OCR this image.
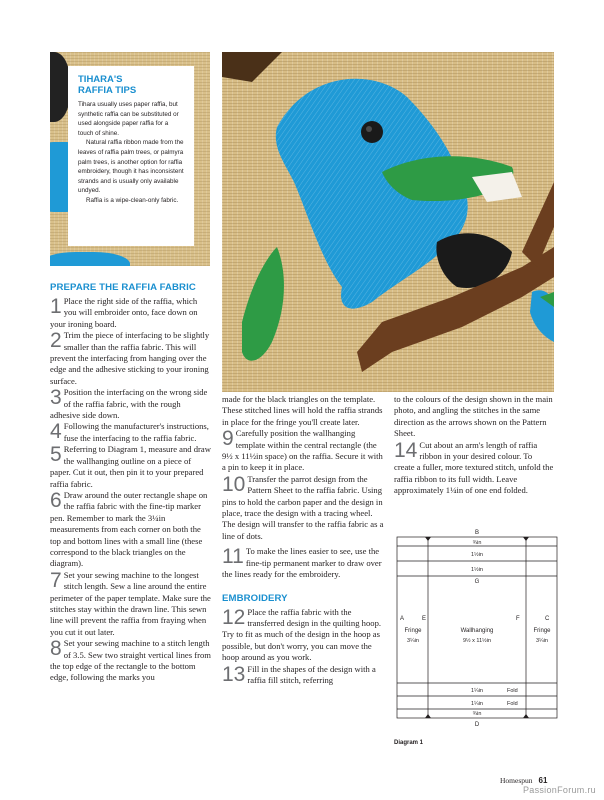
TIHARA'S RAFFIA TIPS

Tihara usually uses paper raffia, but synthetic raffia can be substituted or used alongside paper raffia for a touch of shine.

Natural raffia ribbon made from the leaves of raffia palm trees, or palmyra palm trees, is another option for raffia embroidery, though it has inconsistent strands and is usually only available undyed.

Raffia is a wipe-clean-only fabric.

PREPARE THE RAFFIA FABRIC
1 Place the right side of the raffia, which you will embroider onto, face down on your ironing board.
2 Trim the piece of interfacing to be slightly smaller than the raffia fabric. This will prevent the interfacing from hanging over the edge and the adhesive sticking to your ironing surface.
3 Position the interfacing on the wrong side of the raffia fabric, with the rough adhesive side down.
4 Following the manufacturer's instructions, fuse the interfacing to the raffia fabric.
5 Referring to Diagram 1, measure and draw the wallhanging outline on a piece of paper. Cut it out, then pin it to your prepared raffia fabric.
6 Draw around the outer rectangle shape on the raffia fabric with the fine-tip marker pen. Remember to mark the 3¼in measurements from each corner on both the top and bottom lines with a small line (these correspond to the black triangles on the diagram).
7 Set your sewing machine to the longest stitch length. Sew a line around the entire perimeter of the paper template. Make sure the stitches stay within the drawn line. This sewn line will prevent the raffia from fraying when you cut it out later.
8 Set your sewing machine to a stitch length of 3.5. Sew two straight vertical lines from the top edge of the rectangle to the bottom edge, following the marks you
made for the black triangles on the template. These stitched lines will hold the raffia strands in place for the fringe you'll create later.
9 Carefully position the wallhanging template within the central rectangle (the 9½ x 11½in space) on the raffia. Secure it with a pin to keep it in place.
10 Transfer the parrot design from the Pattern Sheet to the raffia fabric. Using pins to hold the carbon paper and the design in place, trace the design with a tracing wheel. The design will transfer to the raffia fabric as a line of dots.
11 To make the lines easier to see, use the fine-tip permanent marker to draw over the lines ready for the embroidery.
EMBROIDERY
12 Place the raffia fabric with the transferred design in the quilting hoop. Try to fit as much of the design in the hoop as possible, but don't worry, you can move the hoop around as you work.
13 Fill in the shapes of the design with a raffia fill stitch, referring
to the colours of the design shown in the main photo, and angling the stitches in the same direction as the arrows shown on the Pattern Sheet.
14 Cut about an arm's length of raffia ribbon in your desired colour. To create a fuller, more textured stitch, unfold the raffia ribbon to its full width. Leave approximately 1¼in of one end folded.
B
¾in
1½in
1½in
G
A	E	F	C
Fringe
3¼in
Wallhanging
9½ x 11½in
Fringe
3¼in
1¼in	Fold
1¼in	Fold
¾in
D
Diagram 1
Homespun 61
PassionForum.ru
